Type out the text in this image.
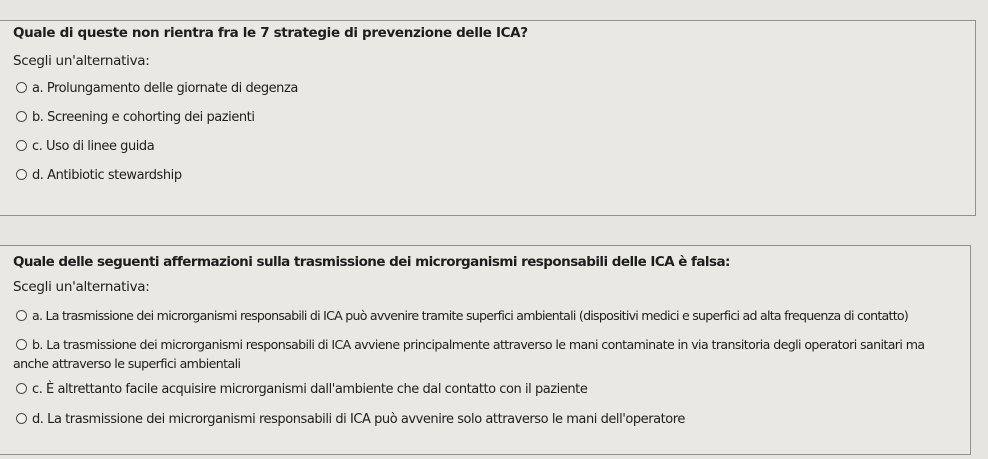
Quale di queste non rientra fra le 7 strategie di prevenzione delle ICA?
Scegli un'alternativa:
a. Prolungamento delle giornate di degenza
b. Screening e cohorting dei pazienti
c. Uso di linee guida
d. Antibiotic stewardship
Quale delle seguenti affermazioni sulla trasmissione dei microrganismi responsabili delle ICA è falsa:
Scegli un'alternativa:
a. La trasmissione dei microrganismi responsabili di ICA può avvenire tramite superfici ambientali (dispositivi medici e superfici ad alta frequenza di contatto)
b. La trasmissione dei microrganismi responsabili di ICA avviene principalmente attraverso le mani contaminate in via transitoria degli operatori sanitari ma anche attraverso le superfici ambientali
c. È altrettanto facile acquisire microrganismi dall'ambiente che dal contatto con il paziente
d. La trasmissione dei microrganismi responsabili di ICA può avvenire solo attraverso le mani dell'operatore
